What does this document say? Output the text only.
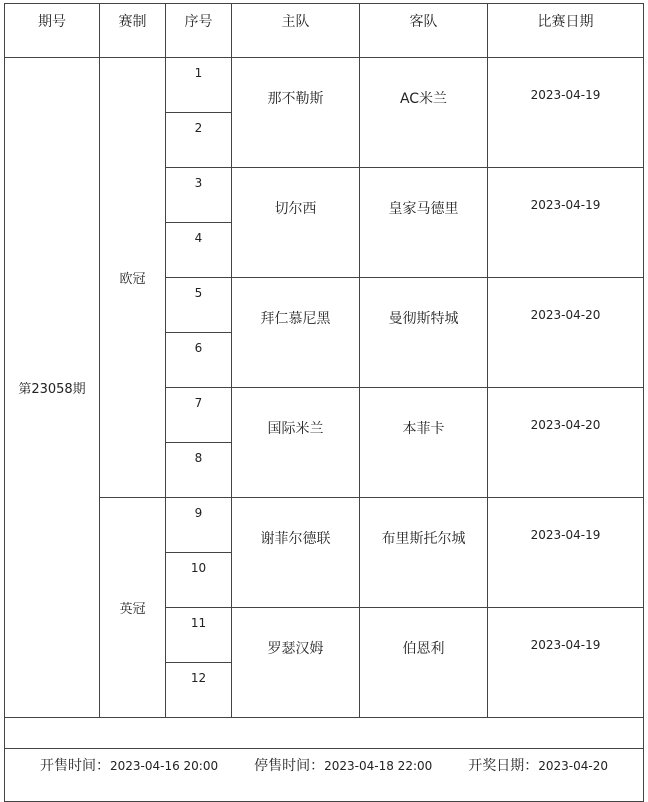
期号	赛制	序号	主队	客队	比赛日期
第23058期	欧冠	1	那不勒斯	AC米兰	2023-04-19
		2			
		3	切尔西	皇家马德里	2023-04-19
		4			
		5	拜仁慕尼黑	曼彻斯特城	2023-04-20
		6			
		7	国际米兰	本菲卡	2023-04-20
		8			
	英冠	9	谢菲尔德联	布里斯托尔城	2023-04-19
		10			
		11	罗瑟汉姆	伯恩利	2023-04-19
		12			

开售时间：2023-04-16 20:00 停售时间：2023-04-18 22:00 开奖日期：2023-04-20					
